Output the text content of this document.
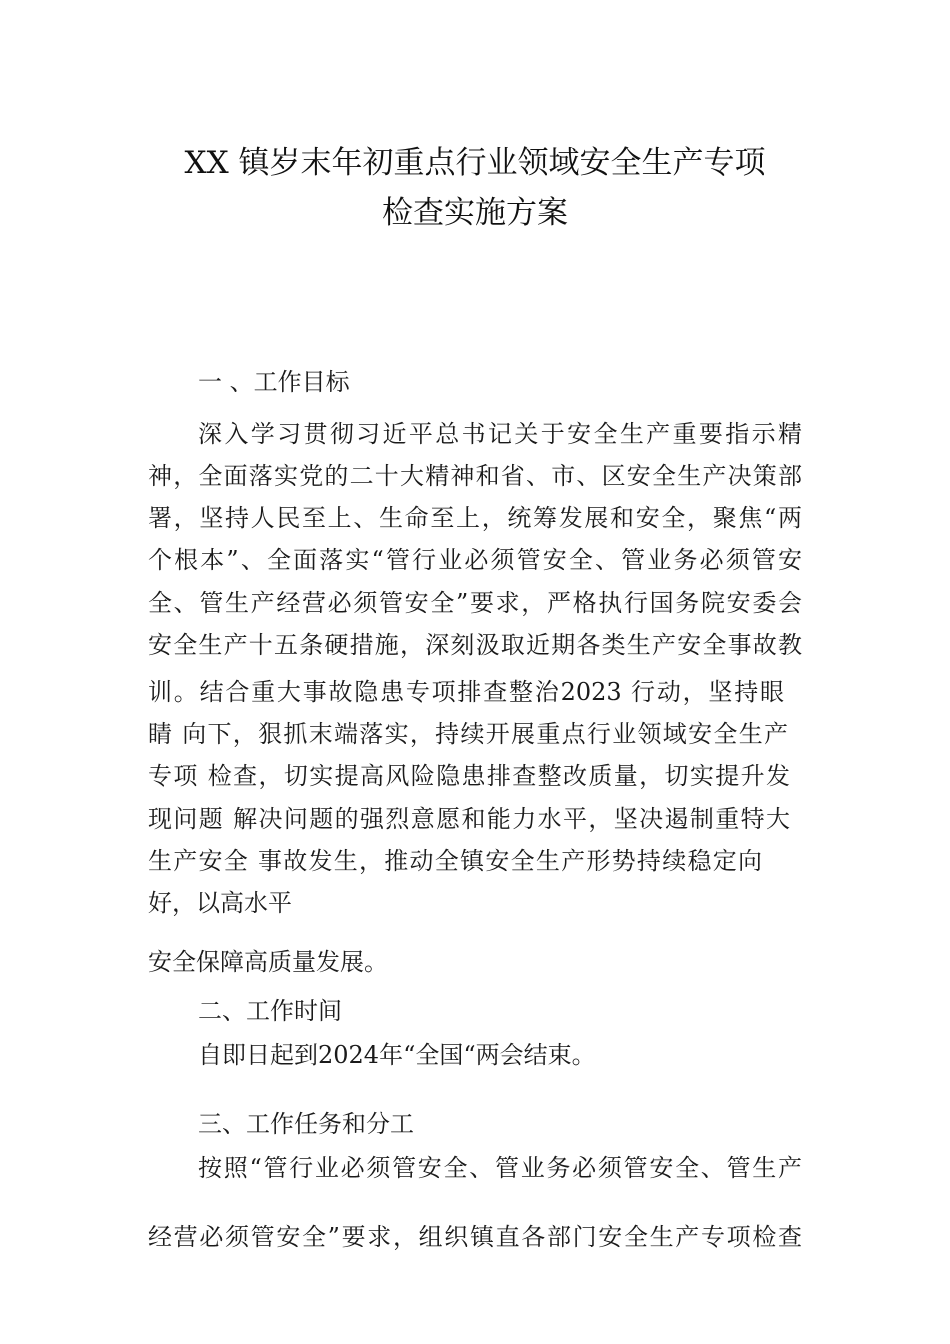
XX 镇岁末年初重点行业领域安全生产专项
检查实施方案
一 、工作目标
深入学习贯彻习近平总书记关于安全生产重要指示精
神，全面落实党的二十大精神和省、市、区安全生产决策部
署，坚持人民至上、生命至上，统筹发展和安全，聚焦“两
个根本”、全面落实“管行业必须管安全、管业务必须管安
全、管生产经营必须管安全”要求，严格执行国务院安委会
安全生产十五条硬措施，深刻汲取近期各类生产安全事故教
训。结合重大事故隐患专项排查整治2023 行动，坚持眼
睛 向下，狠抓末端落实，持续开展重点行业领域安全生产
专项 检查，切实提高风险隐患排查整改质量，切实提升发
现问题 解决问题的强烈意愿和能力水平，坚决遏制重特大
生产安全 事故发生，推动全镇安全生产形势持续稳定向
好，以高水平
安全保障高质量发展。
二、工作时间
自即日起到2024年“全国“两会结束。
三、工作任务和分工
按照“管行业必须管安全、管业务必须管安全、管生产
经营必须管安全”要求，组织镇直各部门安全生产专项检查
